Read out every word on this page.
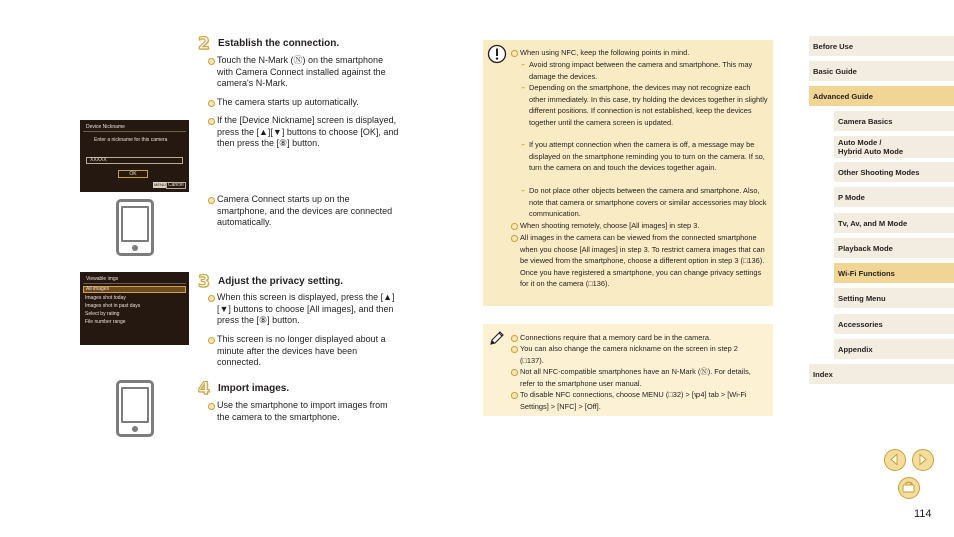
2 Establish the connection.
Touch the N-Mark (Ⓝ) on the smartphone with Camera Connect installed against the camera's N-Mark.
The camera starts up automatically.
If the [Device Nickname] screen is displayed, press the [▲][▼] buttons to choose [OK], and then press the [⑧] button.
Camera Connect starts up on the smartphone, and the devices are connected automatically.
Device Nickname
Enter a nickname for this camera
XXXXX
OK
MENU Cancel
3 Adjust the privacy setting.
When this screen is displayed, press the [▲][▼] buttons to choose [All images], and then press the [⑧] button.
This screen is no longer displayed about a minute after the devices have been connected.
Viewable imgs
All images
Images shot today
Images shot in past days
Select by rating
File number range
4 Import images.
Use the smartphone to import images from the camera to the smartphone.
When using NFC, keep the following points in mind.
– Avoid strong impact between the camera and smartphone. This may damage the devices.
– Depending on the smartphone, the devices may not recognize each other immediately. In this case, try holding the devices together in slightly different positions. If connection is not established, keep the devices together until the camera screen is updated.
– If you attempt connection when the camera is off, a message may be displayed on the smartphone reminding you to turn on the camera. If so, turn the camera on and touch the devices together again.
– Do not place other objects between the camera and smartphone. Also, note that camera or smartphone covers or similar accessories may block communication.
When shooting remotely, choose [All images] in step 3.
All images in the camera can be viewed from the connected smartphone when you choose [All images] in step 3. To restrict camera images that can be viewed from the smartphone, choose a different option in step 3 (□136). Once you have registered a smartphone, you can change privacy settings for it on the camera (□136).
Connections require that a memory card be in the camera.
You can also change the camera nickname on the screen in step 2 (□137).
Not all NFC-compatible smartphones have an N-Mark (Ⓝ). For details, refer to the smartphone user manual.
To disable NFC connections, choose MENU (□32) > [ꝕ4] tab > [Wi-Fi Settings] > [NFC] > [Off].
Before Use
Basic Guide
Advanced Guide
Camera Basics
Auto Mode /
Hybrid Auto Mode
Other Shooting Modes
P Mode
Tv, Av, and M Mode
Playback Mode
Wi-Fi Functions
Setting Menu
Accessories
Appendix
Index
114
